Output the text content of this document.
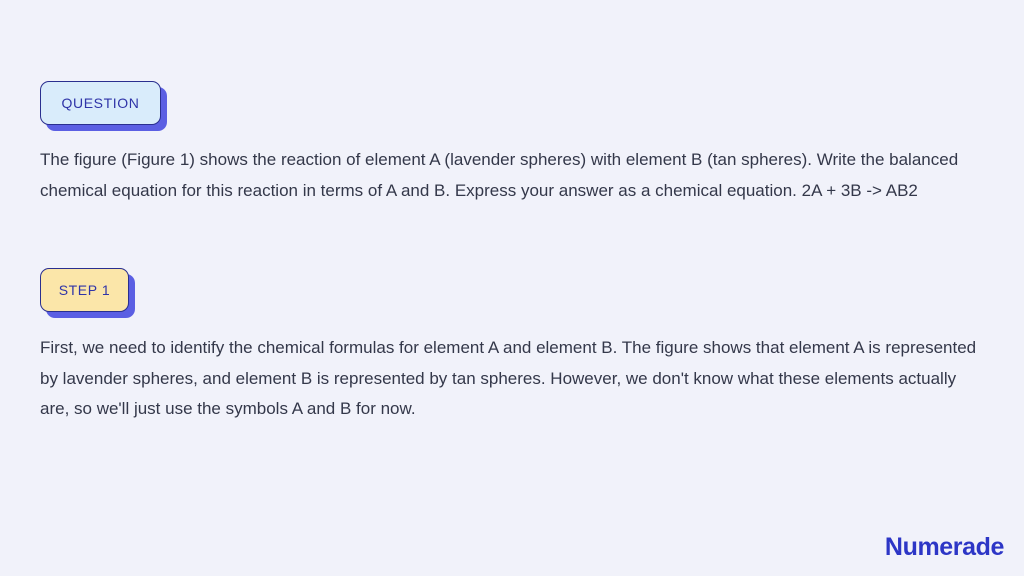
QUESTION

The figure (Figure 1) shows the reaction of element A (lavender spheres) with element B (tan spheres). Write the balanced chemical equation for this reaction in terms of A and B. Express your answer as a chemical equation. 2A + 3B -> AB2

STEP 1

First, we need to identify the chemical formulas for element A and element B. The figure shows that element A is represented by lavender spheres, and element B is represented by tan spheres. However, we don't know what these elements actually are, so we'll just use the symbols A and B for now.

Numerade
